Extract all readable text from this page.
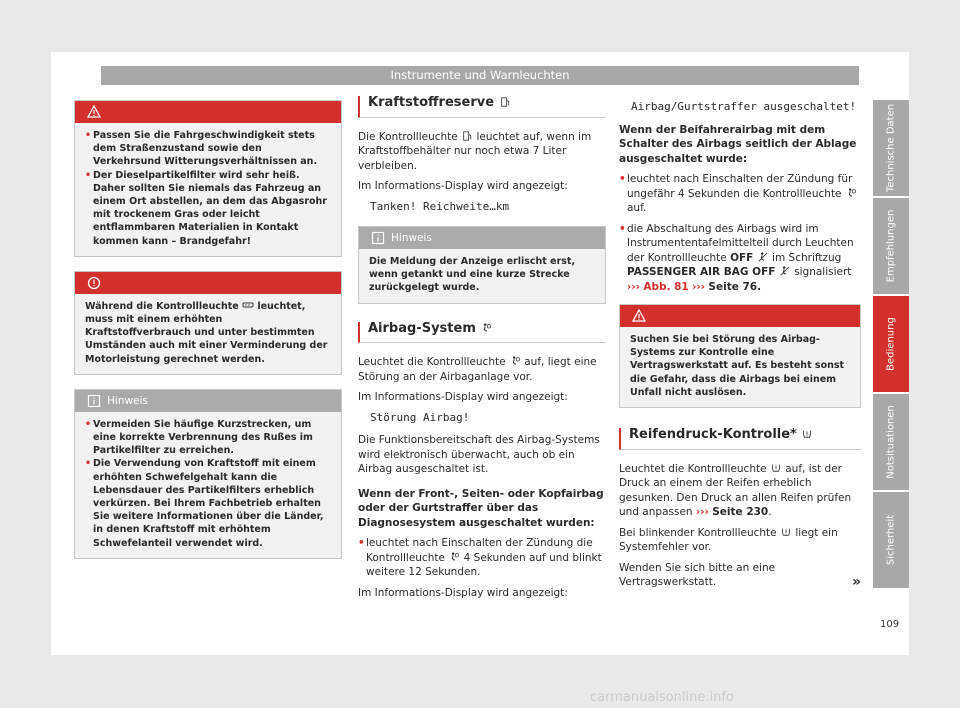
Instrumente und Warnleuchten
ACHTUNG
• Passen Sie die Fahrgeschwindigkeit stets dem Straßenzustand sowie den Verkehrsund Witterungsverhältnissen an.
• Der Dieselpartikelfilter wird sehr heiß. Daher sollten Sie niemals das Fahrzeug an einem Ort abstellen, an dem das Abgasrohr mit trockenem Gras oder leicht entflammbaren Materialien in Kontakt kommen kann – Brandgefahr!
VORSICHT
Während die Kontrollleuchte leuchtet, muss mit einem erhöhten Kraftstoffverbrauch und unter bestimmten Umständen auch mit einer Verminderung der Motorleistung gerechnet werden.
Hinweis
• Vermeiden Sie häufige Kurzstrecken, um eine korrekte Verbrennung des Rußes im Partikelfilter zu erreichen.
• Die Verwendung von Kraftstoff mit einem erhöhten Schwefelgehalt kann die Lebensdauer des Partikelfilters erheblich verkürzen. Bei Ihrem Fachbetrieb erhalten Sie weitere Informationen über die Länder, in denen Kraftstoff mit erhöhtem Schwefelanteil verwendet wird.
Kraftstoffreserve

Die Kontrollleuchte leuchtet auf, wenn im Kraftstoffbehälter nur noch etwa 7 Liter verbleiben.

Im Informations-Display wird angezeigt:

Tanken! Reichweite…km
Hinweis
Die Meldung der Anzeige erlischt erst, wenn getankt und eine kurze Strecke zurückgelegt wurde.
Airbag-System

Leuchtet die Kontrollleuchte auf, liegt eine Störung an der Airbaganlage vor.

Im Informations-Display wird angezeigt:

Störung Airbag!

Die Funktionsbereitschaft des Airbag-Systems wird elektronisch überwacht, auch ob ein Airbag ausgeschaltet ist.

Wenn der Front-, Seiten- oder Kopfairbag oder der Gurtstraffer über das Diagnosesystem ausgeschaltet wurden:

• leuchtet nach Einschalten der Zündung die Kontrollleuchte 4 Sekunden auf und blinkt weitere 12 Sekunden.

Im Informations-Display wird angezeigt:

Airbag/Gurtstraffer ausgeschaltet!

Wenn der Beifahrerairbag mit dem Schalter des Airbags seitlich der Ablage ausgeschaltet wurde:

• leuchtet nach Einschalten der Zündung für ungefähr 4 Sekunden die Kontrollleuchte  auf.

• die Abschaltung des Airbags wird im Instrumententafelmittelteil durch Leuchten der Kontrollleuchte OFF im Schriftzug PASSENGER AIR BAG OFF signalisiert ››› Abb. 81 ››› Seite 76.

ACHTUNG
Suchen Sie bei Störung des Airbag-Systems zur Kontrolle eine Vertragswerkstatt auf. Es besteht sonst die Gefahr, dass die Airbags bei einem Unfall nicht auslösen.
Reifendruck-Kontrolle*

Leuchtet die Kontrollleuchte auf, ist der Druck an einem der Reifen erheblich gesunken. Den Druck an allen Reifen prüfen und anpassen ››› Seite 230.

Bei blinkender Kontrollleuchte liegt ein Systemfehler vor.

Wenden Sie sich bitte an eine Vertragswerkstatt.	»

Technische Daten
Empfehlungen
Bedienung
Notsituationen
Sicherheit
109
carmanualsonline.info
